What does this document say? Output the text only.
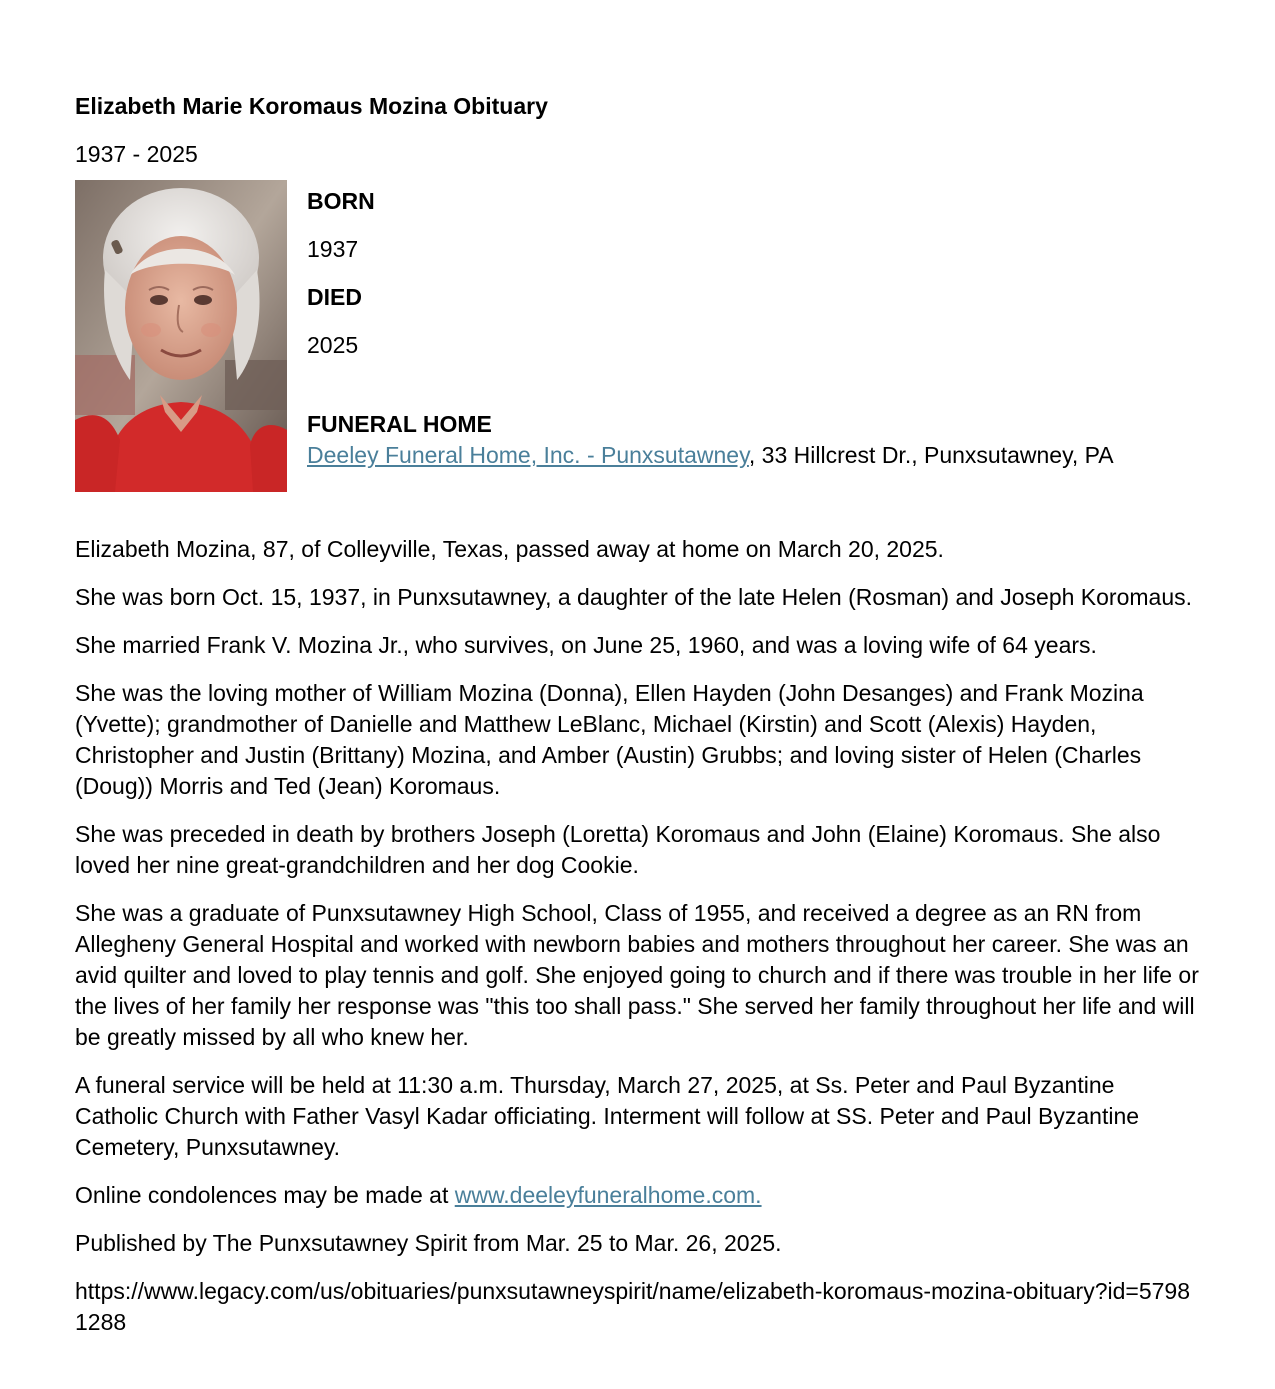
Elizabeth Marie Koromaus Mozina Obituary
1937 - 2025
BORN
1937
DIED
2025
FUNERAL HOME
Deeley Funeral Home, Inc. - Punxsutawney, 33 Hillcrest Dr., Punxsutawney, PA

Elizabeth Mozina, 87, of Colleyville, Texas, passed away at home on March 20, 2025.

She was born Oct. 15, 1937, in Punxsutawney, a daughter of the late Helen (Rosman) and Joseph Koromaus.

She married Frank V. Mozina Jr., who survives, on June 25, 1960, and was a loving wife of 64 years.

She was the loving mother of William Mozina (Donna), Ellen Hayden (John Desanges) and Frank Mozina (Yvette); grandmother of Danielle and Matthew LeBlanc, Michael (Kirstin) and Scott (Alexis) Hayden, Christopher and Justin (Brittany) Mozina, and Amber (Austin) Grubbs; and loving sister of Helen (Charles (Doug)) Morris and Ted (Jean) Koromaus.

She was preceded in death by brothers Joseph (Loretta) Koromaus and John (Elaine) Koromaus. She also loved her nine great-grandchildren and her dog Cookie.

She was a graduate of Punxsutawney High School, Class of 1955, and received a degree as an RN from Allegheny General Hospital and worked with newborn babies and mothers throughout her career. She was an avid quilter and loved to play tennis and golf. She enjoyed going to church and if there was trouble in her life or the lives of her family her response was "this too shall pass." She served her family throughout her life and will be greatly missed by all who knew her.

A funeral service will be held at 11:30 a.m. Thursday, March 27, 2025, at Ss. Peter and Paul Byzantine Catholic Church with Father Vasyl Kadar officiating. Interment will follow at SS. Peter and Paul Byzantine Cemetery, Punxsutawney.

Online condolences may be made at www.deeleyfuneralhome.com.

Published by The Punxsutawney Spirit from Mar. 25 to Mar. 26, 2025.

https://www.legacy.com/us/obituaries/punxsutawneyspirit/name/elizabeth-koromaus-mozina-obituary?id=57981288
